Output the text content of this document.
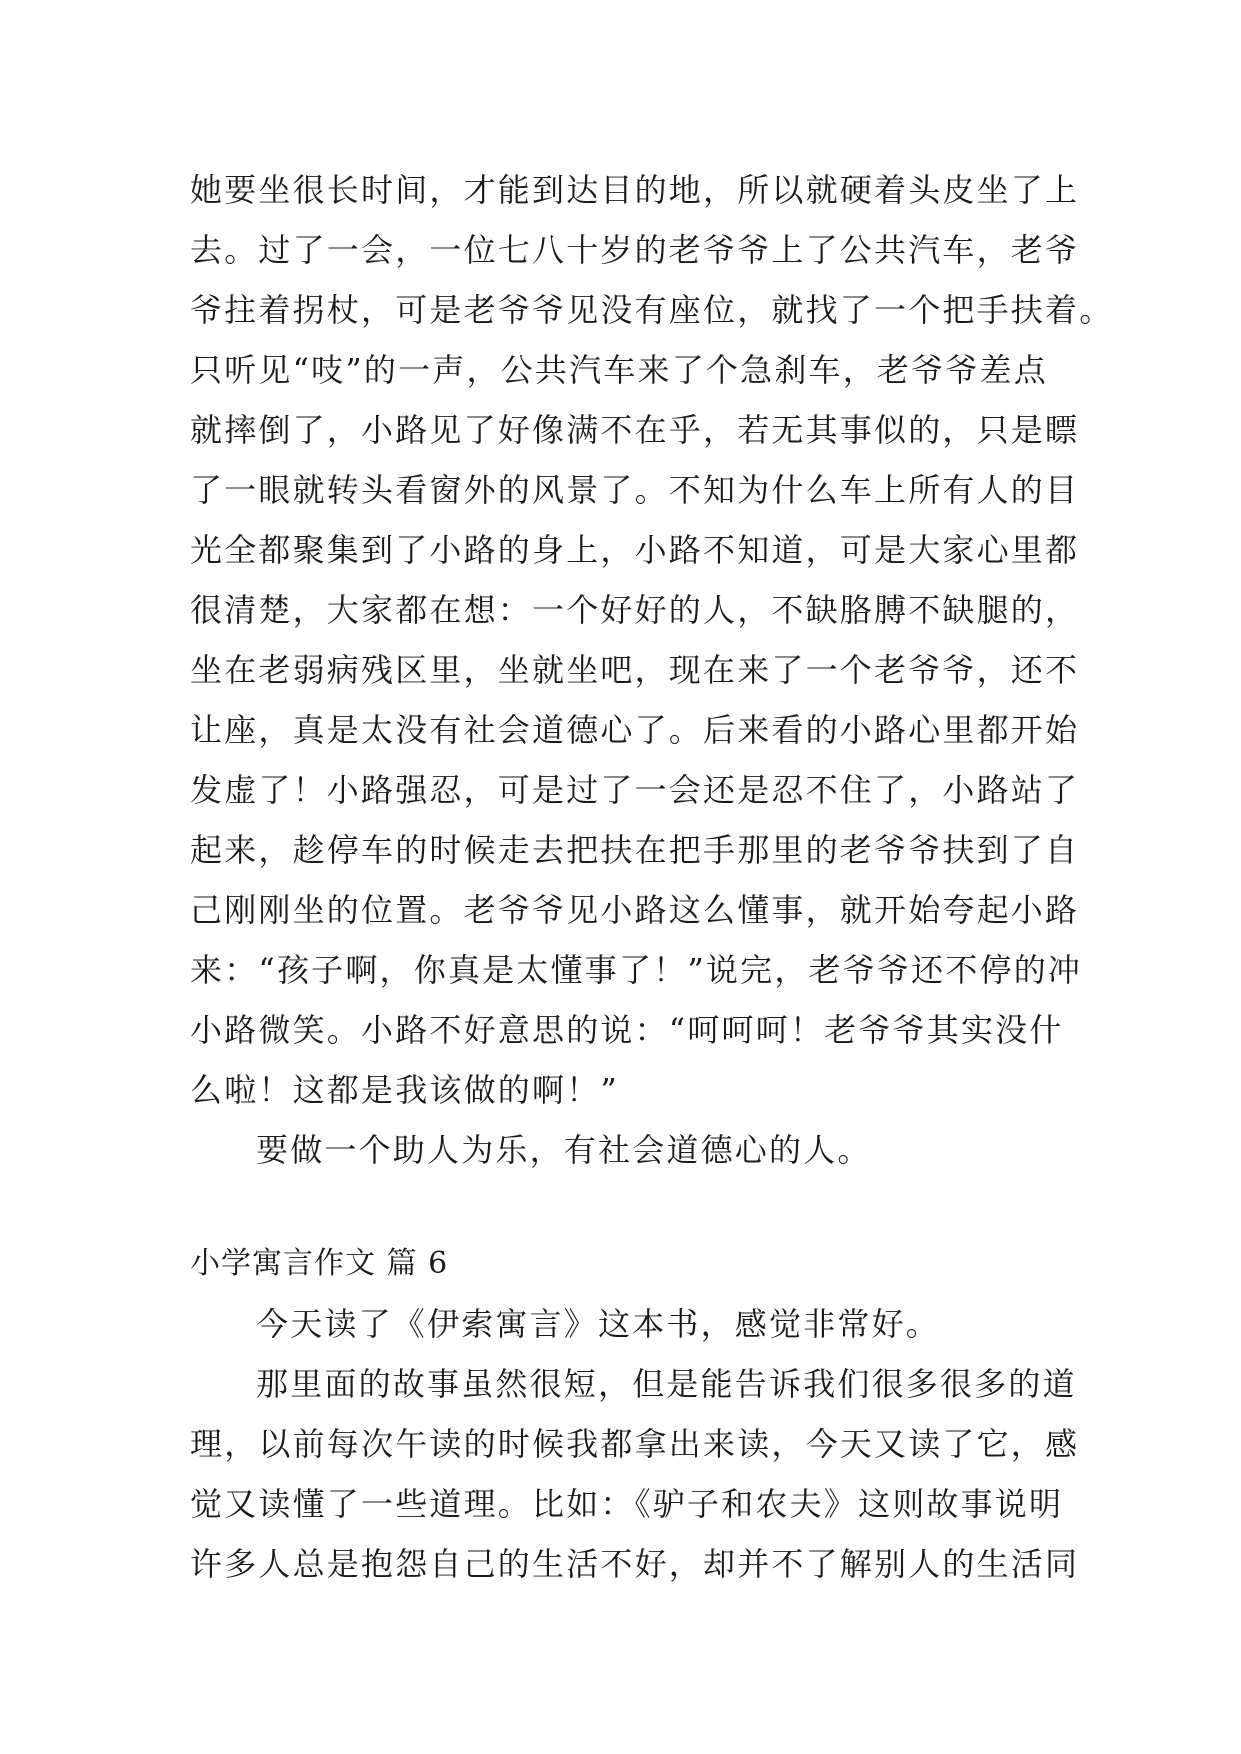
她要坐很长时间，才能到达目的地，所以就硬着头皮坐了上
去。过了一会，一位七八十岁的老爷爷上了公共汽车，老爷
爷拄着拐杖，可是老爷爷见没有座位，就找了一个把手扶着。
只听见“吱”的一声，公共汽车来了个急刹车，老爷爷差点
就摔倒了，小路见了好像满不在乎，若无其事似的，只是瞟
了一眼就转头看窗外的风景了。不知为什么车上所有人的目
光全都聚集到了小路的身上，小路不知道，可是大家心里都
很清楚，大家都在想：一个好好的人，不缺胳膊不缺腿的，
坐在老弱病残区里，坐就坐吧，现在来了一个老爷爷，还不
让座，真是太没有社会道德心了。后来看的小路心里都开始
发虚了！小路强忍，可是过了一会还是忍不住了，小路站了
起来，趁停车的时候走去把扶在把手那里的老爷爷扶到了自
己刚刚坐的位置。老爷爷见小路这么懂事，就开始夸起小路
来：“孩子啊，你真是太懂事了！”说完，老爷爷还不停的冲
小路微笑。小路不好意思的说：“呵呵呵！老爷爷其实没什
么啦！这都是我该做的啊！”
要做一个助人为乐，有社会道德心的人。
小学寓言作文 篇 6
今天读了《伊索寓言》这本书，感觉非常好。
那里面的故事虽然很短，但是能告诉我们很多很多的道
理，以前每次午读的时候我都拿出来读，今天又读了它，感
觉又读懂了一些道理。比如：《驴子和农夫》这则故事说明
许多人总是抱怨自己的生活不好，却并不了解别人的生活同
